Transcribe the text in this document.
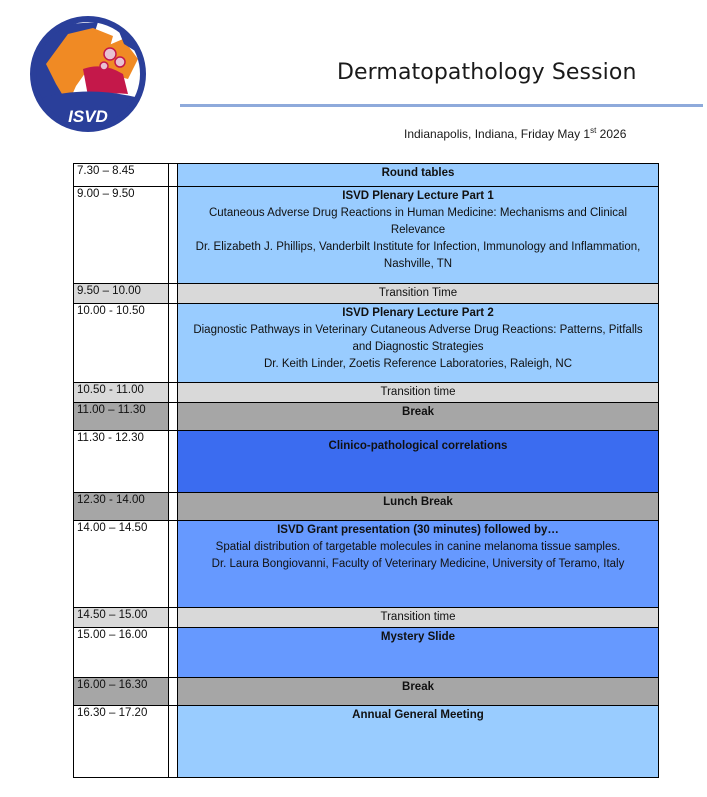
ISVD
Dermatopathology Session
Indianapolis, Indiana, Friday May 1st 2026
7.30 – 8.45		Round tables

9.00 – 9.50		ISVD Plenary Lecture Part 1
Cutaneous Adverse Drug Reactions in Human Medicine: Mechanisms and Clinical Relevance
Dr. Elizabeth J. Phillips, Vanderbilt Institute for Infection, Immunology and Inflammation, Nashville, TN

9.50 – 10.00		Transition Time

10.00 - 10.50		ISVD Plenary Lecture Part 2
Diagnostic Pathways in Veterinary Cutaneous Adverse Drug Reactions: Patterns, Pitfalls and Diagnostic Strategies
Dr. Keith Linder, Zoetis Reference Laboratories, Raleigh, NC

10.50 - 11.00		Transition time

11.00 – 11.30		Break

11.30 - 12.30		Clinico-pathological correlations

12.30 - 14.00		Lunch Break

14.00 – 14.50		ISVD Grant presentation (30 minutes) followed by…
Spatial distribution of targetable molecules in canine melanoma tissue samples.
Dr. Laura Bongiovanni, Faculty of Veterinary Medicine, University of Teramo, Italy

14.50 – 15.00		Transition time

15.00 – 16.00		Mystery Slide

16.00 – 16.30		Break

16.30 – 17.20		Annual General Meeting
